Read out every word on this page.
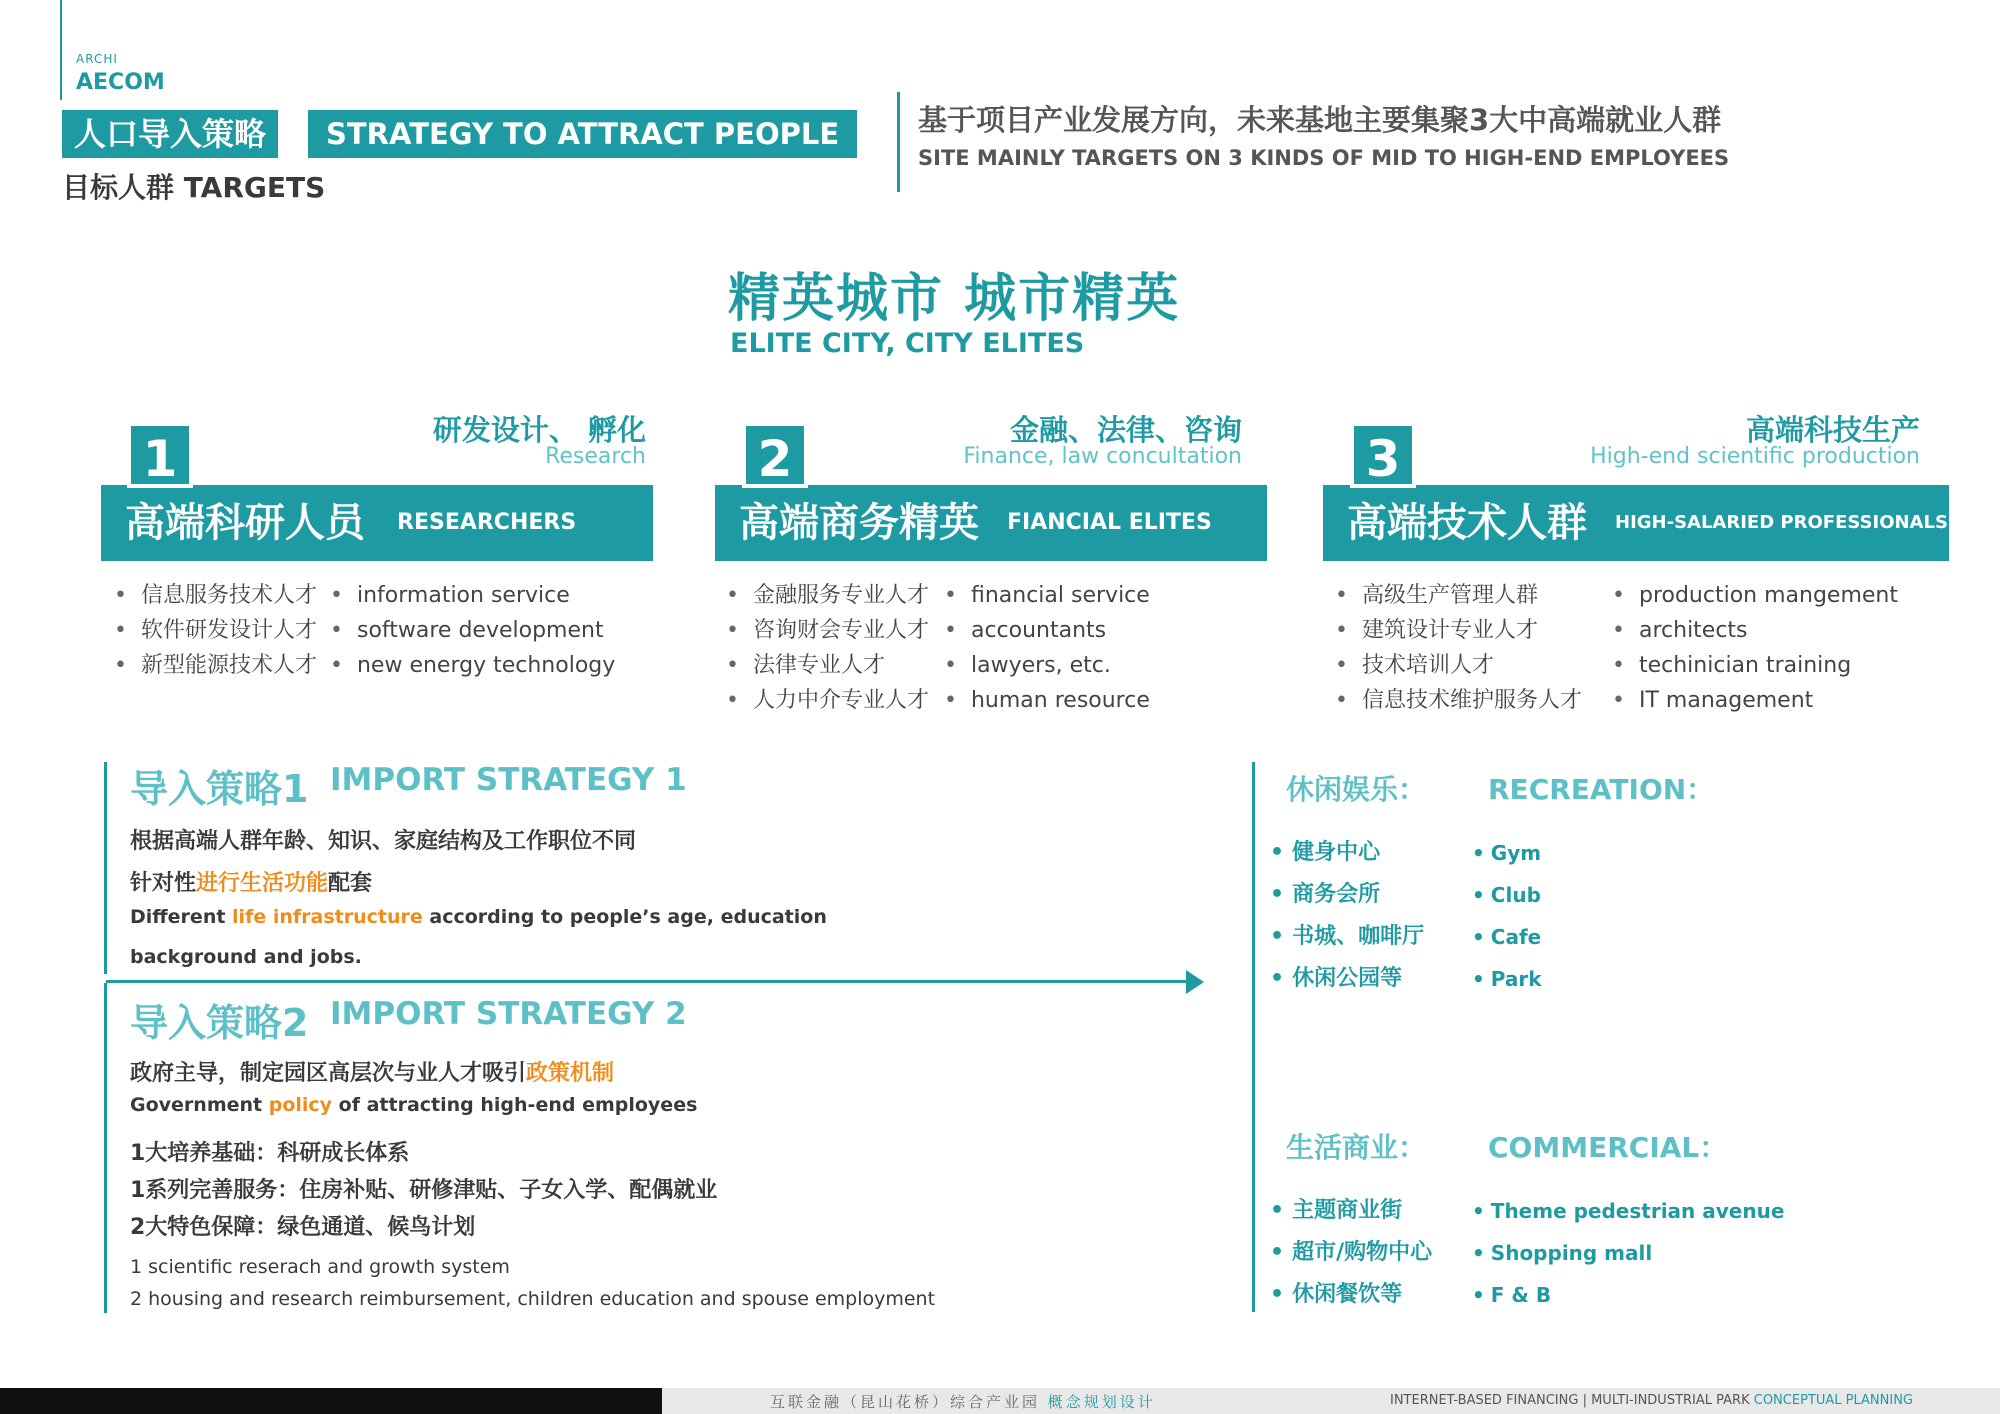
ARCHI
AECOM
人口导入策略	STRATEGY TO ATTRACT PEOPLE
目标人群 TARGETS
基于项目产业发展方向，未来基地主要集聚3大中高端就业人群
SITE MAINLY TARGETS ON 3 KINDS OF MID TO HIGH-END EMPLOYEES
精英城市 城市精英
ELITE CITY, CITY ELITES
研发设计、 孵化
Research
高端科研人员 RESEARCHERS
1
• 信息服务技术人才
• 软件研发设计人才
• 新型能源技术人才
• information service
• software development
• new energy technology
金融、法律、咨询
Finance, law concultation
高端商务精英 FIANCIAL ELITES
2
• 金融服务专业人才
• 咨询财会专业人才
• 法律专业人才
• 人力中介专业人才
• financial service
• accountants
• lawyers, etc.
• human resource
高端科技生产
High-end scientific production
高端技术人群 HIGH-SALARIED PROFESSIONALS
3
• 高级生产管理人群
• 建筑设计专业人才
• 技术培训人才
• 信息技术维护服务人才
• production mangement
• architects
• techinician training
• IT management
导入策略1 IMPORT STRATEGY 1
根据高端人群年龄、知识、家庭结构及工作职位不同
针对性进行生活功能配套
Different life infrastructure according to people’s age, education
background and jobs.
导入策略2 IMPORT STRATEGY 2
政府主导，制定园区高层次与业人才吸引政策机制
Government policy of attracting high-end employees
1大培养基础：科研成长体系
1系列完善服务：住房补贴、研修津贴、子女入学、配偶就业
2大特色保障：绿色通道、候鸟计划
1 scientific reserach and growth system
2 housing and research reimbursement, children education and spouse employment
休闲娱乐： RECREATION：
• 健身中心
• 商务会所
• 书城、咖啡厅
• 休闲公园等
• Gym
• Club
• Cafe
• Park
生活商业： COMMERCIAL：
• 主题商业街
• 超市/购物中心
• 休闲餐饮等
• Theme pedestrian avenue
• Shopping mall
• F & B
互联金融（昆山花桥）综合产业园 概念规划设计	INTERNET-BASED FINANCING | MULTI-INDUSTRIAL PARK CONCEPTUAL PLANNING
